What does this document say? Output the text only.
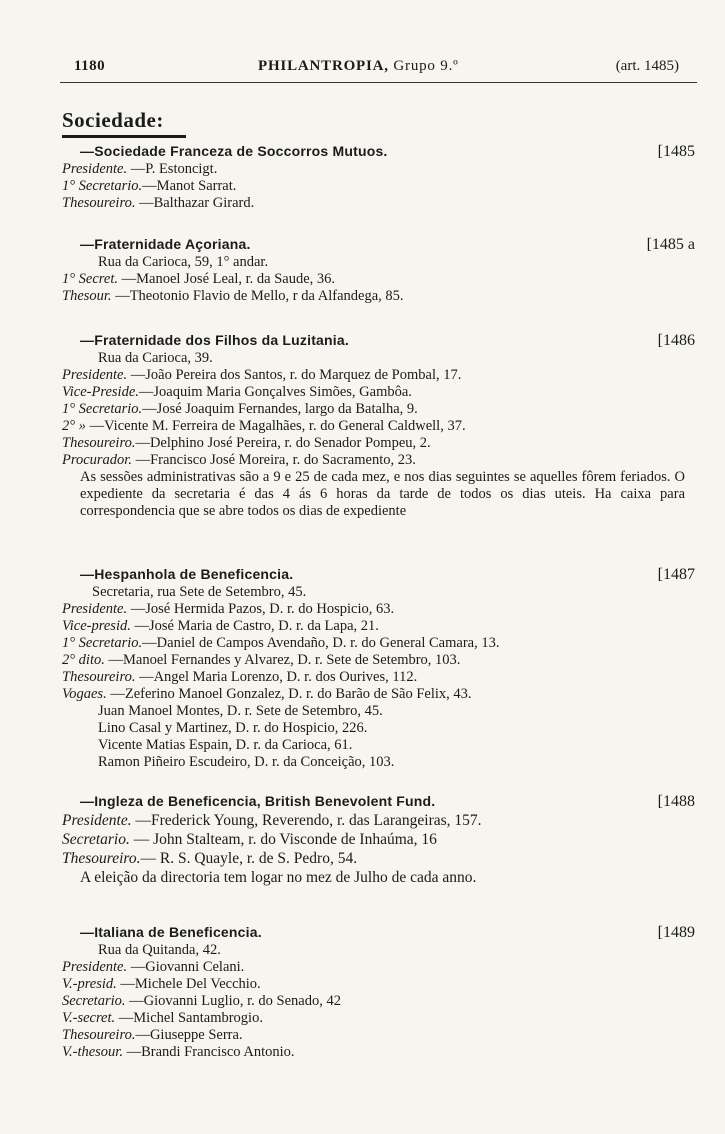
1180	PHILANTROPIA, Grupo 9.º	(art. 1485)
Sociedade:
—Sociedade Franceza de Soccorros Mutuos.	[1485
Presidente. —P. Estoncigt.
1° Secretario.—Manot Sarrat.
Thesoureiro. —Balthazar Girard.
—Fraternidade Açoriana.	[1485 a
Rua da Carioca, 59, 1° andar.
1° Secret. —Manoel José Leal, r. da Saude, 36.
Thesour. —Theotonio Flavio de Mello, r da Alfandega, 85.
—Fraternidade dos Filhos da Luzitania.	[1486
Rua da Carioca, 39.
Presidente. —João Pereira dos Santos, r. do Marquez de Pombal, 17.
Vice-Preside.—Joaquim Maria Gonçalves Simões, Gambôa.
1° Secretario.—José Joaquim Fernandes, largo da Batalha, 9.
2° » —Vicente M. Ferreira de Magalhães, r. do General Caldwell, 37.
Thesoureiro.—Delphino José Pereira, r. do Senador Pompeu, 2.
Procurador. —Francisco José Moreira, r. do Sacramento, 23.
As sessões administrativas são a 9 e 25 de cada mez, e nos dias seguintes se aquelles fôrem feriados. O expediente da secretaria é das 4 ás 6 horas da tarde de todos os dias uteis. Ha caixa para correspondencia que se abre todos os dias de expediente
—Hespanhola de Beneficencia.	[1487
Secretaria, rua Sete de Setembro, 45.
Presidente. —José Hermida Pazos, D. r. do Hospicio, 63.
Vice-presid. —José Maria de Castro, D. r. da Lapa, 21.
1° Secretario.—Daniel de Campos Avendaño, D. r. do General Camara, 13.
2° dito. —Manoel Fernandes y Alvarez, D. r. Sete de Setembro, 103.
Thesoureiro. —Angel Maria Lorenzo, D. r. dos Ourives, 112.
Vogaes. —Zeferino Manoel Gonzalez, D. r. do Barão de São Felix, 43.
Juan Manoel Montes, D. r. Sete de Setembro, 45.
Lino Casal y Martinez, D. r. do Hospicio, 226.
Vicente Matias Espain, D. r. da Carioca, 61.
Ramon Piñeiro Escudeiro, D. r. da Conceição, 103.
—Ingleza de Beneficencia, British Benevolent Fund.	[1488
Presidente. —Frederick Young, Reverendo, r. das Larangeiras, 157.
Secretario. — John Stalteam, r. do Visconde de Inhaúma, 16
Thesoureiro.— R. S. Quayle, r. de S. Pedro, 54.
A eleição da directoria tem logar no mez de Julho de cada anno.
—Italiana de Beneficencia.	[1489
Rua da Quitanda, 42.
Presidente. —Giovanni Celani.
V.-presid. —Michele Del Vecchio.
Secretario. —Giovanni Luglio, r. do Senado, 42
V.-secret. —Michel Santambrogio.
Thesoureiro.—Giuseppe Serra.
V.-thesour. —Brandi Francisco Antonio.
